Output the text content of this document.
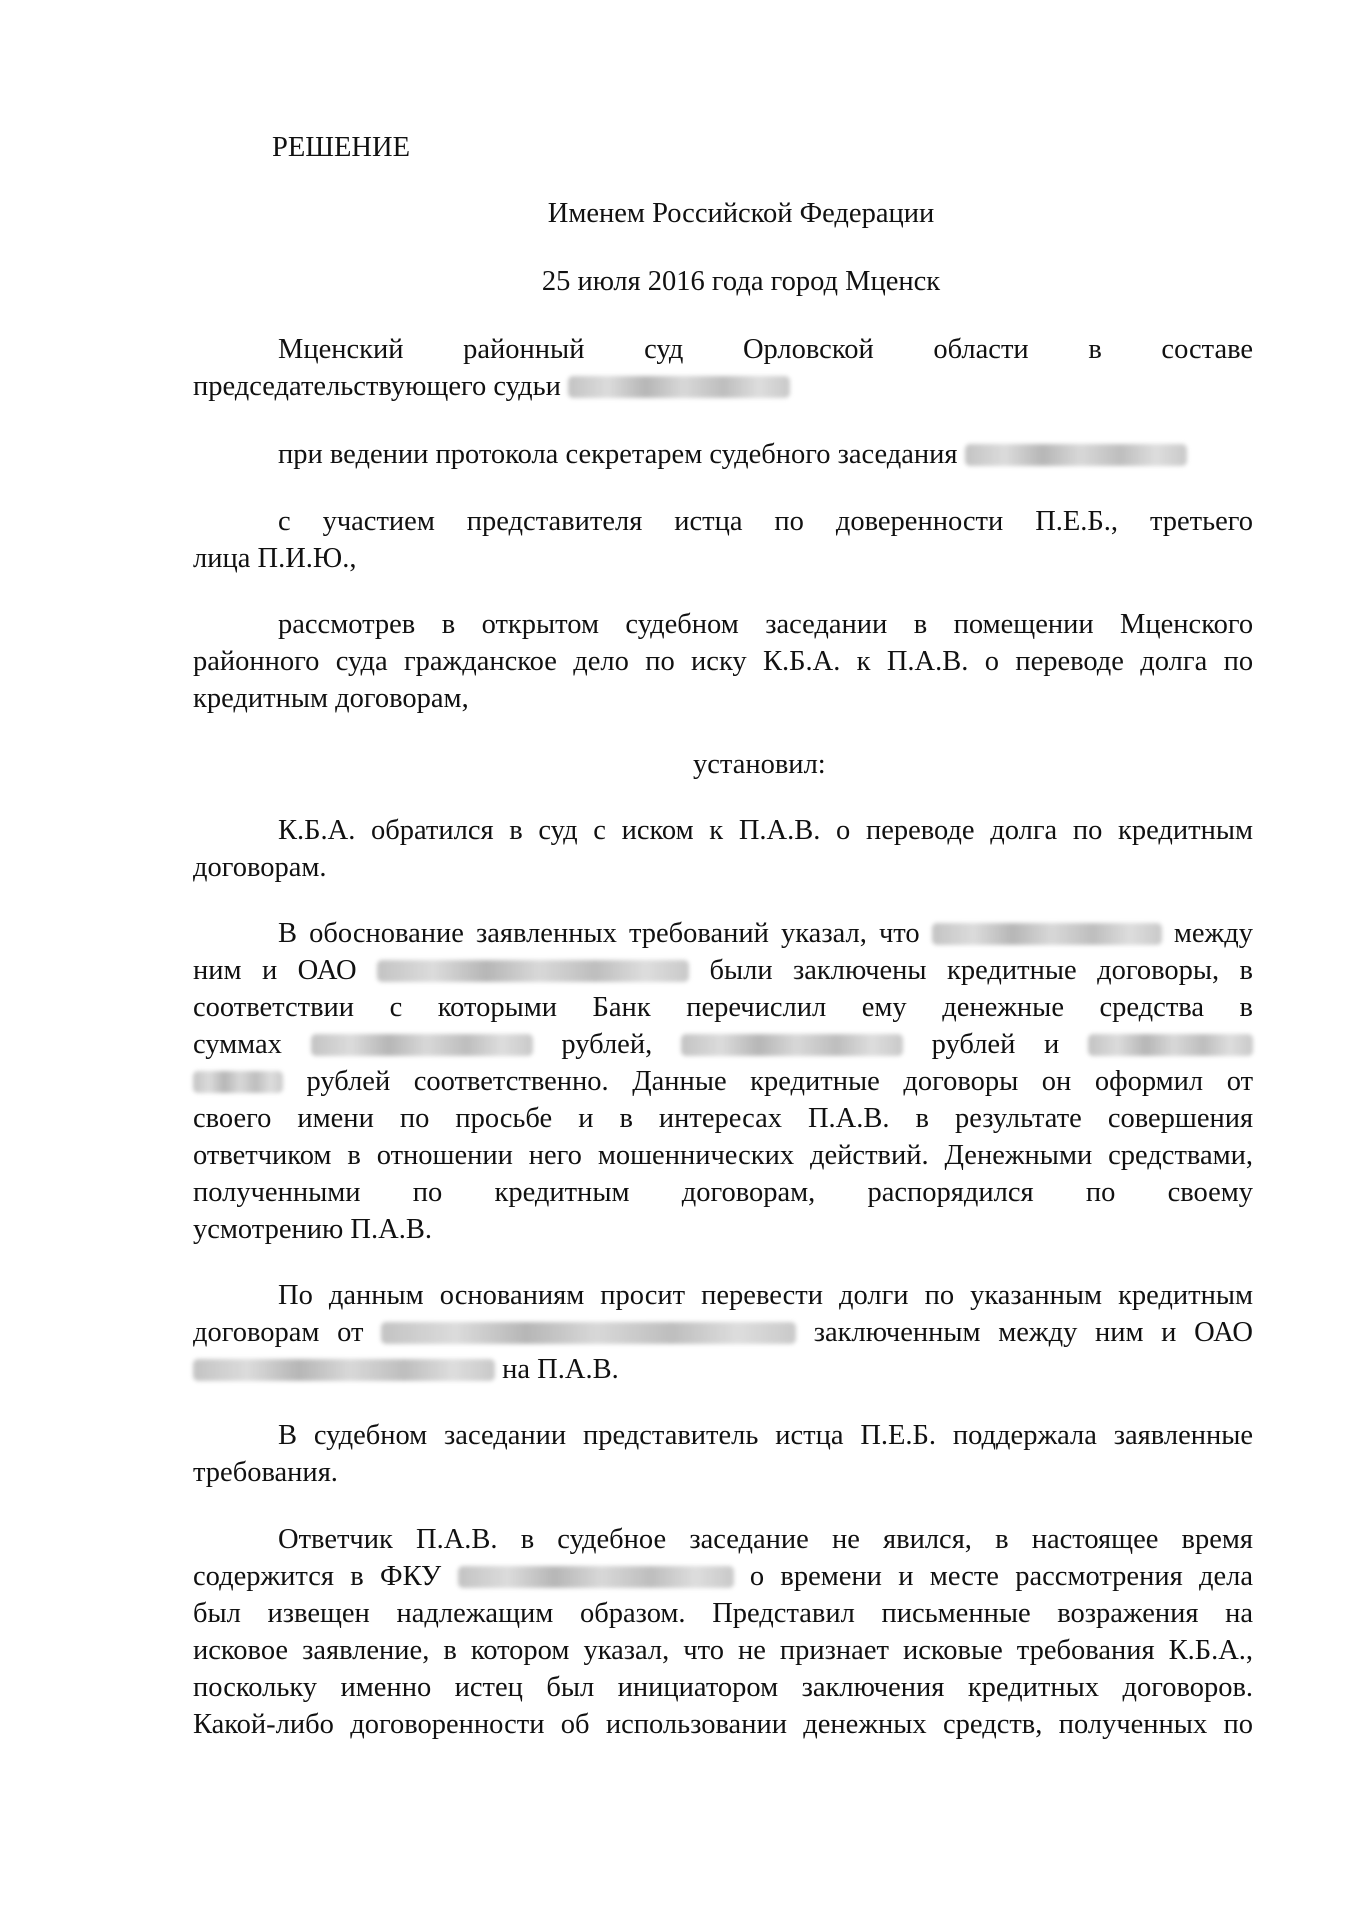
РЕШЕНИЕ
Именем Российской Федерации
25 июля 2016 года город Мценск
Мценский районный суд Орловской области в составе
председательствующего судьи
при ведении протокола секретарем судебного заседания
с участием представителя истца по доверенности П.Е.Б., третьего
лица П.И.Ю.,
рассмотрев в открытом судебном заседании в помещении Мценского
районного суда гражданское дело по иску К.Б.А. к П.А.В. о переводе долга по
кредитным договорам,
установил:
К.Б.А. обратился в суд с иском к П.А.В. о переводе долга по кредитным
договорам.
В обоснование заявленных требований указал, что	между
ним и ОАО	были заключены кредитные договоры, в
соответствии с которыми Банк перечислил ему денежные средства в
суммах	рублей,	рублей и
рублей соответственно. Данные кредитные договоры он оформил от
своего имени по просьбе и в интересах П.А.В. в результате совершения
ответчиком в отношении него мошеннических действий. Денежными средствами,
полученными по кредитным договорам, распорядился по своему
усмотрению П.А.В.
По данным основаниям просит перевести долги по указанным кредитным
договорам от	заключенным между ним и ОАО
на П.А.В.
В судебном заседании представитель истца П.Е.Б. поддержала заявленные
требования.
Ответчик П.А.В. в судебное заседание не явился, в настоящее время
содержится в ФКУ	о времени и месте рассмотрения дела
был извещен надлежащим образом. Представил письменные возражения на
исковое заявление, в котором указал, что не признает исковые требования К.Б.А.,
поскольку именно истец был инициатором заключения кредитных договоров.
Какой-либо договоренности об использовании денежных средств, полученных по
